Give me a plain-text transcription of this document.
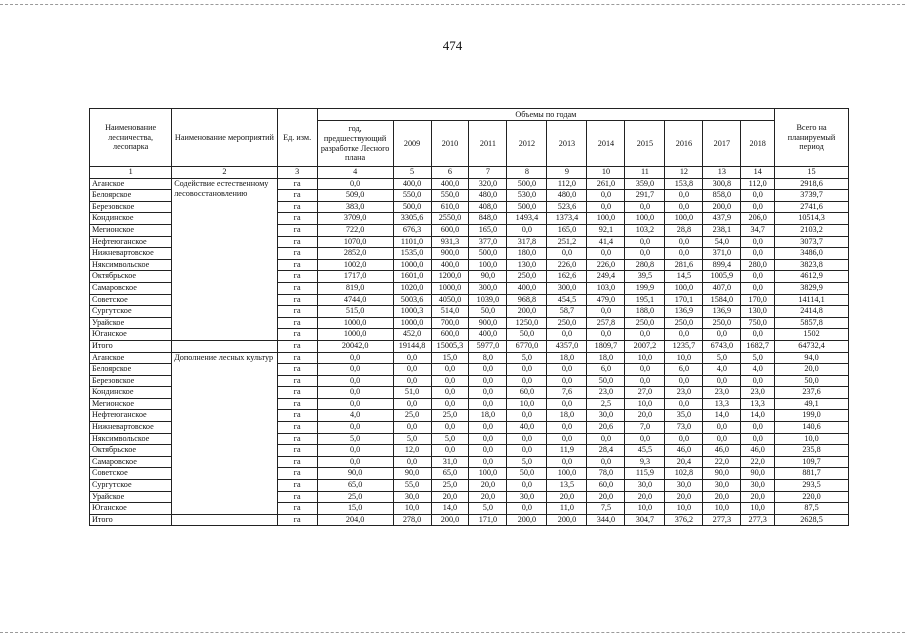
474
Наименование лесничества, лесопарка	Наименование мероприятий	Ед. изм.	Объемы по годам											Всего на планируемый период
			год, предшествующий разработке Лесного плана	2009	2010	2011	2012	2013	2014	2015	2016	2017	2018	
1	2	3	4	5	6	7	8	9	10	11	12	13	14	15
Аганское	Содействие естественному лесовосстановлению	га	0,0	400,0	400,0	320,0	500,0	112,0	261,0	359,0	153,8	300,8	112,0	2918,6
Белоярское		га	509,0	550,0	550,0	480,0	530,0	480,0	0,0	291,7	0,0	858,0	0,0	3739,7
Березовское		га	383,0	500,0	610,0	408,0	500,0	523,6	0,0	0,0	0,0	200,0	0,0	2741,6
Кондинское		га	3709,0	3305,6	2550,0	848,0	1493,4	1373,4	100,0	100,0	100,0	437,9	206,0	10514,3
Мегионское		га	722,0	676,3	600,0	165,0	0,0	165,0	92,1	103,2	28,8	238,1	34,7	2103,2
Нефтеюганское		га	1070,0	1101,0	931,3	377,0	317,8	251,2	41,4	0,0	0,0	54,0	0,0	3073,7
Нижневартовское		га	2852,0	1535,0	900,0	500,0	180,0	0,0	0,0	0,0	0,0	371,0	0,0	3486,0
Няксимвольское		га	1002,0	1000,0	400,0	100,0	130,0	226,0	226,0	280,8	281,6	899,4	280,0	3823,8
Октябрьское		га	1717,0	1601,0	1200,0	90,0	250,0	162,6	249,4	39,5	14,5	1005,9	0,0	4612,9
Самаровское		га	819,0	1020,0	1000,0	300,0	400,0	300,0	103,0	199,9	100,0	407,0	0,0	3829,9
Советское		га	4744,0	5003,6	4050,0	1039,0	968,8	454,5	479,0	195,1	170,1	1584,0	170,0	14114,1
Сургутское		га	515,0	1000,3	514,0	50,0	200,0	58,7	0,0	188,0	136,9	136,9	130,0	2414,8
Урайское		га	1000,0	1000,0	700,0	900,0	1250,0	250,0	257,8	250,0	250,0	250,0	750,0	5857,8
Юганское		га	1000,0	452,0	600,0	400,0	50,0	0,0	0,0	0,0	0,0	0,0	0,0	1502
Итого		га	20042,0	19144,8	15005,3	5977,0	6770,0	4357,0	1809,7	2007,2	1235,7	6743,0	1682,7	64732,4
Аганское	Дополнение лесных культур	га	0,0	0,0	15,0	8,0	5,0	18,0	18,0	10,0	10,0	5,0	5,0	94,0
Белоярское		га	0,0	0,0	0,0	0,0	0,0	0,0	6,0	0,0	6,0	4,0	4,0	20,0
Березовское		га	0,0	0,0	0,0	0,0	0,0	0,0	50,0	0,0	0,0	0,0	0,0	50,0
Кондинское		га	0,0	51,0	0,0	0,0	60,0	7,6	23,0	27,0	23,0	23,0	23,0	237,6
Мегионское		га	0,0	0,0	0,0	0,0	10,0	0,0	2,5	10,0	0,0	13,3	13,3	49,1
Нефтеюганское		га	4,0	25,0	25,0	18,0	0,0	18,0	30,0	20,0	35,0	14,0	14,0	199,0
Нижневартовское		га	0,0	0,0	0,0	0,0	40,0	0,0	20,6	7,0	73,0	0,0	0,0	140,6
Няксимвольское		га	5,0	5,0	5,0	0,0	0,0	0,0	0,0	0,0	0,0	0,0	0,0	10,0
Октябрьское		га	0,0	12,0	0,0	0,0	0,0	11,9	28,4	45,5	46,0	46,0	46,0	235,8
Самаровское		га	0,0	0,0	31,0	0,0	5,0	0,0	0,0	9,3	20,4	22,0	22,0	109,7
Советское		га	90,0	90,0	65,0	100,0	50,0	100,0	78,0	115,9	102,8	90,0	90,0	881,7
Сургутское		га	65,0	55,0	25,0	20,0	0,0	13,5	60,0	30,0	30,0	30,0	30,0	293,5
Урайское		га	25,0	30,0	20,0	20,0	30,0	20,0	20,0	20,0	20,0	20,0	20,0	220,0
Юганское		га	15,0	10,0	14,0	5,0	0,0	11,0	7,5	10,0	10,0	10,0	10,0	87,5
Итого		га	204,0	278,0	200,0	171,0	200,0	200,0	344,0	304,7	376,2	277,3	277,3	2628,5
